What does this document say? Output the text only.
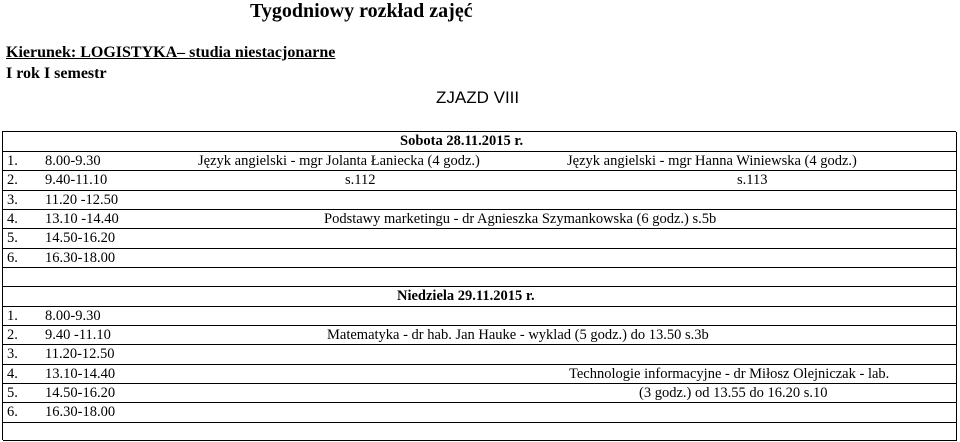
Tygodniowy rozkład zajęć
Kierunek: LOGISTYKA– studia niestacjonarne
I rok I semestr
ZJAZD VIII
Sobota 28.11.2015 r.
1. 8.00-9.30
2. 9.40-11.10
3. 11.20 -12.50
4. 13.10 -14.40
5. 14.50-16.20
6. 16.30-18.00
Język angielski - mgr Jolanta Łaniecka (4 godz.)
s.112
Język angielski - mgr Hanna Winiewska (4 godz.)
s.113
Podstawy marketingu - dr Agnieszka Szymankowska (6 godz.) s.5b
Niedziela 29.11.2015 r.
1. 8.00-9.30
2. 9.40 -11.10
3. 11.20-12.50
4. 13.10-14.40
5. 14.50-16.20
6. 16.30-18.00
Matematyka - dr hab. Jan Hauke - wyklad (5 godz.) do 13.50 s.3b
Technologie informacyjne - dr Miłosz Olejniczak - lab.
(3 godz.) od 13.55 do 16.20 s.10
